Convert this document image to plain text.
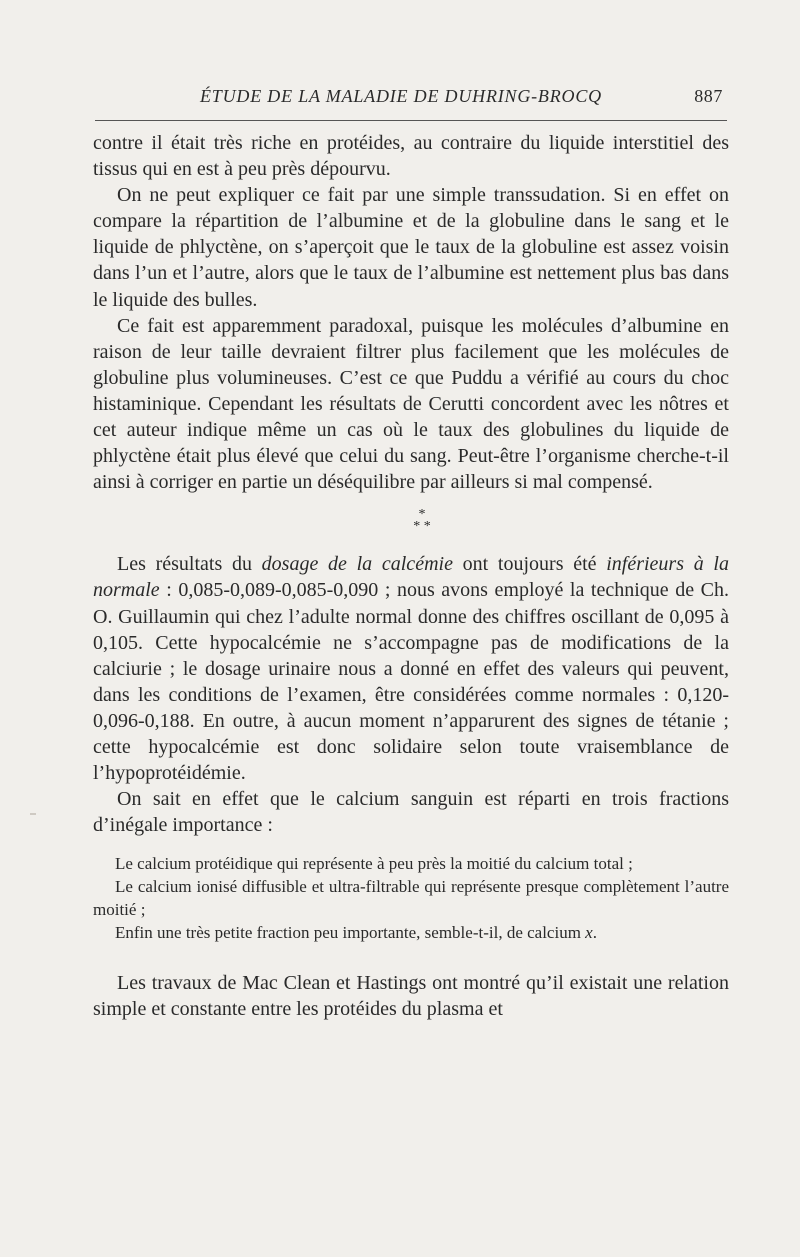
ÉTUDE DE LA MALADIE DE DUHRING-BROCQ	887

contre il était très riche en protéides, au contraire du liquide interstitiel des tissus qui en est à peu près dépourvu.

On ne peut expliquer ce fait par une simple transsudation. Si en effet on compare la répartition de l’albumine et de la globuline dans le sang et le liquide de phlyctène, on s’aperçoit que le taux de la globuline est assez voisin dans l’un et l’autre, alors que le taux de l’albumine est nettement plus bas dans le liquide des bulles.

Ce fait est apparemment paradoxal, puisque les molécules d’albumine en raison de leur taille devraient filtrer plus facilement que les molécules de globuline plus volumineuses. C’est ce que Puddu a vérifié au cours du choc histaminique. Cependant les résultats de Cerutti concordent avec les nôtres et cet auteur indique même un cas où le taux des globulines du liquide de phlyctène était plus élevé que celui du sang. Peut-être l’organisme cherche-t-il ainsi à corriger en partie un déséquilibre par ailleurs si mal compensé.

*
* *

Les résultats du dosage de la calcémie ont toujours été inférieurs à la normale : 0,085-0,089-0,085-0,090 ; nous avons employé la technique de Ch. O. Guillaumin qui chez l’adulte normal donne des chiffres oscillant de 0,095 à 0,105. Cette hypocalcémie ne s’accompagne pas de modifications de la calciurie ; le dosage urinaire nous a donné en effet des valeurs qui peuvent, dans les conditions de l’examen, être considérées comme normales : 0,120-0,096-0,188. En outre, à aucun moment n’apparurent des signes de tétanie ; cette hypocalcémie est donc solidaire selon toute vraisemblance de l’hypoprotéidémie.

On sait en effet que le calcium sanguin est réparti en trois fractions d’inégale importance :

Le calcium protéidique qui représente à peu près la moitié du calcium total ;

Le calcium ionisé diffusible et ultra-filtrable qui représente presque complètement l’autre moitié ;

Enfin une très petite fraction peu importante, semble-t-il, de calcium x.

Les travaux de Mac Clean et Hastings ont montré qu’il existait une relation simple et constante entre les protéides du plasma et
